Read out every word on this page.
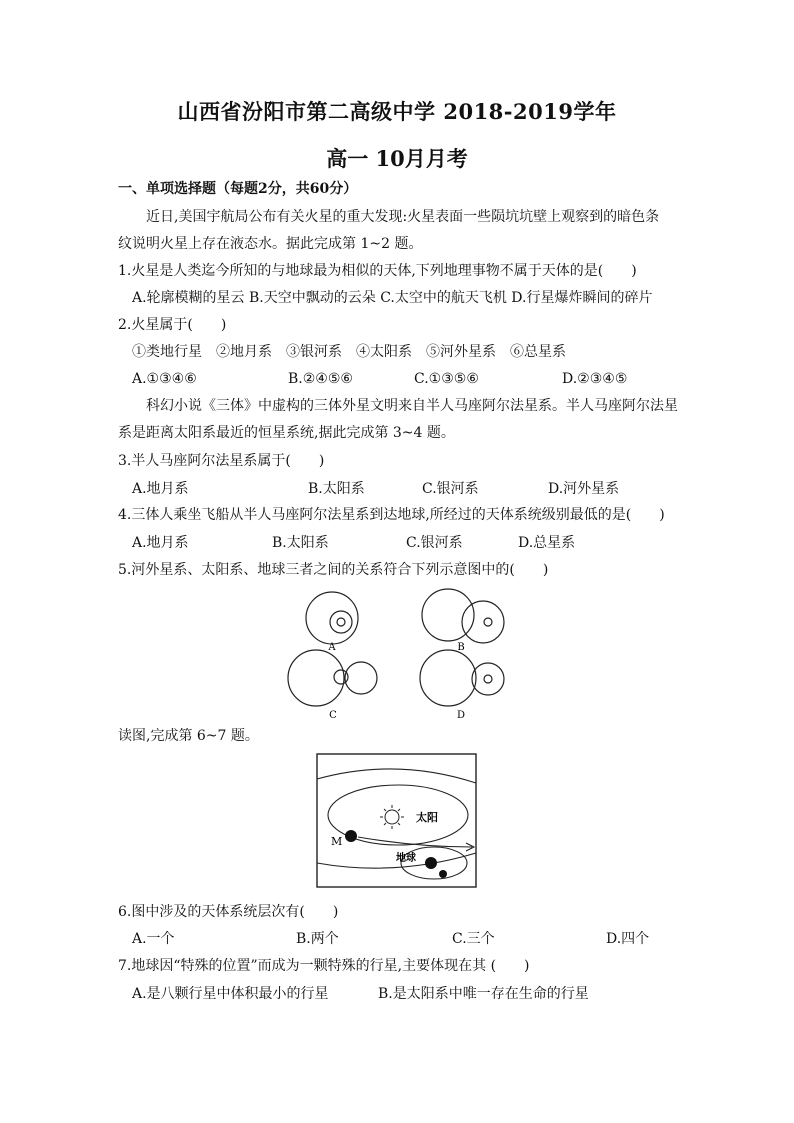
山西省汾阳市第二高级中学 2018-2019学年
高一 10月月考
一、单项选择题（每题2分，共60分）
近日,美国宇航局公布有关火星的重大发现:火星表面一些陨坑坑壁上观察到的暗色条
纹说明火星上存在液态水。据此完成第 1~2 题。
1.火星是人类迄今所知的与地球最为相似的天体,下列地理事物不属于天体的是(　　)
A.轮廓模糊的星云 B.天空中飘动的云朵 C.太空中的航天飞机 D.行星爆炸瞬间的碎片
2.火星属于(　　)
①类地行星　②地月系　③银河系　④太阳系　⑤河外星系　⑥总星系
A.①③④⑥	B.②④⑤⑥	C.①③⑤⑥	D.②③④⑤
科幻小说《三体》中虚构的三体外星文明来自半人马座阿尔法星系。半人马座阿尔法星
系是距离太阳系最近的恒星系统,据此完成第 3~4 题。
3.半人马座阿尔法星系属于(　　)
A.地月系	B.太阳系	C.银河系	D.河外星系
4.三体人乘坐飞船从半人马座阿尔法星系到达地球,所经过的天体系统级别最低的是(　　)
A.地月系	B.太阳系	C.银河系	D.总星系
5.河外星系、太阳系、地球三者之间的关系符合下列示意图中的(　　)
A	B
C	D
读图,完成第 6~7 题。
太阳
M
地球
6.图中涉及的天体系统层次有(　　)
A.一个	B.两个	C.三个	D.四个
7.地球因“特殊的位置”而成为一颗特殊的行星,主要体现在其 (　　)
A.是八颗行星中体积最小的行星	B.是太阳系中唯一存在生命的行星
